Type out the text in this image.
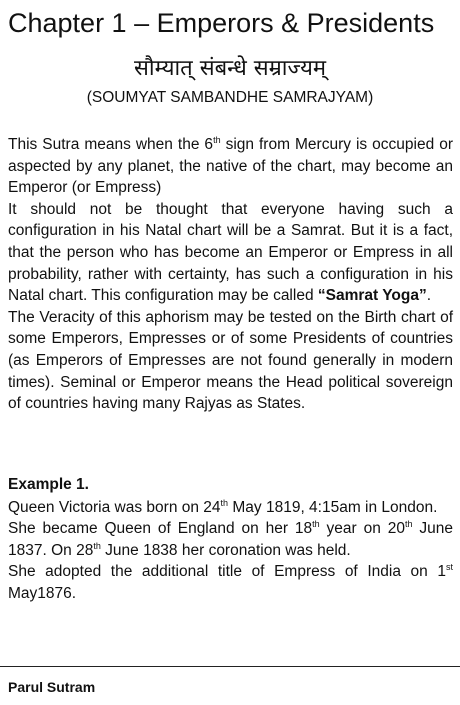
Chapter 1 – Emperors & Presidents
सौम्यात् संबन्धे सम्राज्यम्
(SOUMYAT SAMBANDHE SAMRAJYAM)

This Sutra means when the 6th sign from Mercury is occupied or aspected by any planet, the native of the chart, may become an Emperor (or Empress)

It should not be thought that everyone having such a configuration in his Natal chart will be a Samrat. But it is a fact, that the person who has become an Emperor or Empress in all probability, rather with certainty, has such a configuration in his Natal chart. This configuration may be called “Samrat Yoga”.

The Veracity of this aphorism may be tested on the Birth chart of some Emperors, Empresses or of some Presidents of countries (as Emperors of Empresses are not found generally in modern times). Seminal or Emperor means the Head political sovereign of countries having many Rajyas as States.

Example 1.

Queen Victoria was born on 24th May 1819, 4:15am in London.

She became Queen of England on her 18th year on 20th June 1837. On 28th June 1838 her coronation was held.

She adopted the additional title of Empress of India on 1st May1876.

Parul Sutram
